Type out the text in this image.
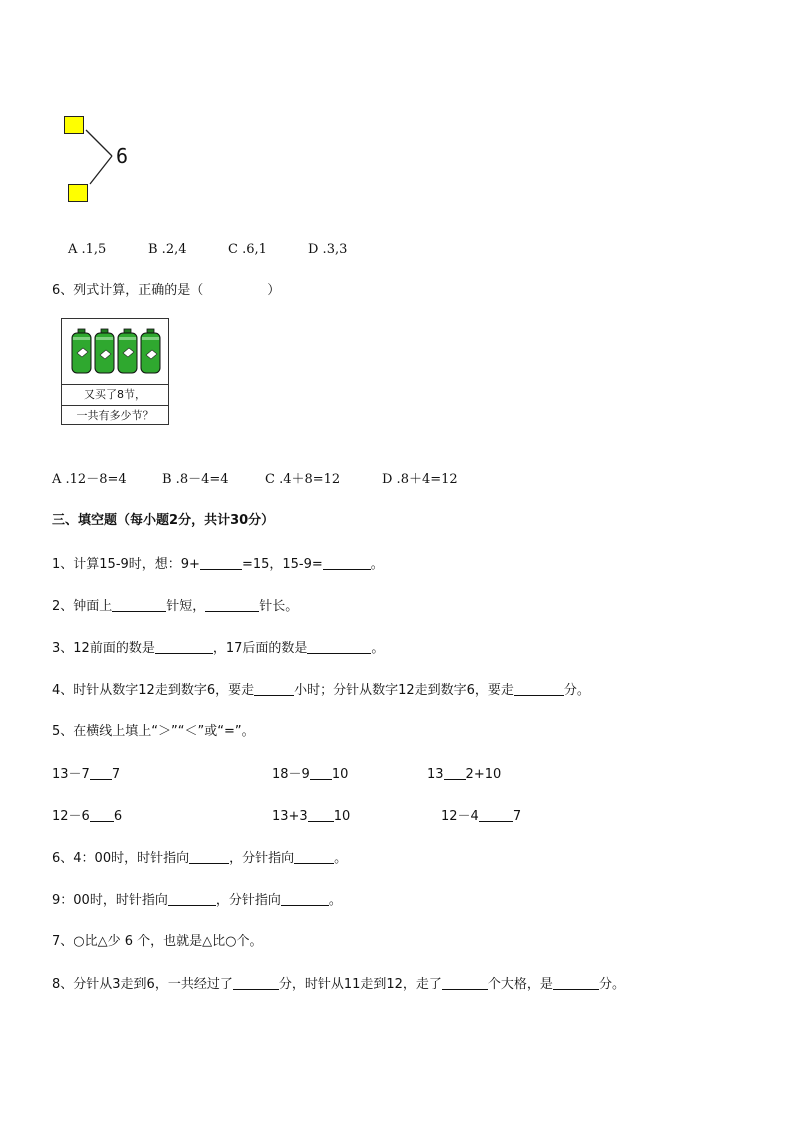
6
A .1,5	B .2,4	C .6,1	D .3,3
6、列式计算，正确的是（	）
又买了8节，
一共有多少节？
A .12－8=4	B .8－4=4	C .4＋8=12	D .8＋4=12
三、填空题（每小题2分，共计30分）
1、计算15-9时，想：9+	=15，15-9=	。
2、钟面上	针短，	针长。
3、12前面的数是	，17后面的数是	。
4、时针从数字12走到数字6，要走	小时；分针从数字12走到数字6，要走	分。
5、在横线上填上“＞”“＜”或“=”。
13－7 7	18－9 10	13 2+10
12－6 6	13+3 10	12－4	7
6、4：00时，时针指向	，分针指向	。
9：00时，时针指向	，分针指向	。
7、○比△少 6 个，也就是△比○个。
8、分针从3走到6，一共经过了	分，时针从11走到12，走了	个大格，是	分。
